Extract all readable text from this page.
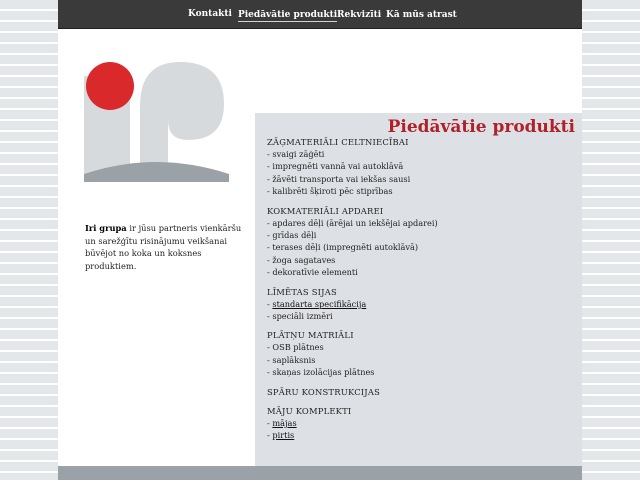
Kontakti Piedāvātie produkti Rekvizīti Kā mūs atrast
Iri grupa ir jūsu partneris vienkāršu un sarežģītu risinājumu veikšanai būvējot no koka un koksnes produktiem.
Piedāvātie produkti
ZĀĢMATERIĀLI CELTNIECĪBAI
- svaigi zāģēti
- impregnēti vannā vai autoklāvā
- žāvēti transporta vai iekšas sausi
- kalibrēti šķiroti pēc stiprības
KOKMATERIĀLI APDAREI
- apdares dēļi (ārējai un iekšējai apdarei)
- grīdas dēļi
- terases dēļi (impregnēti autoklāvā)
- žoga sagataves
- dekoratīvie elementi
LĪMĒTAS SIJAS
- standarta specifikācija
- speciāli izmēri
PLĀTŅU MATRIĀLI
- OSB plātnes
- saplāksnis
- skaņas izolācijas plātnes
SPĀRU KONSTRUKCIJAS
MĀJU KOMPLEKTI
- mājas
- pirtis
